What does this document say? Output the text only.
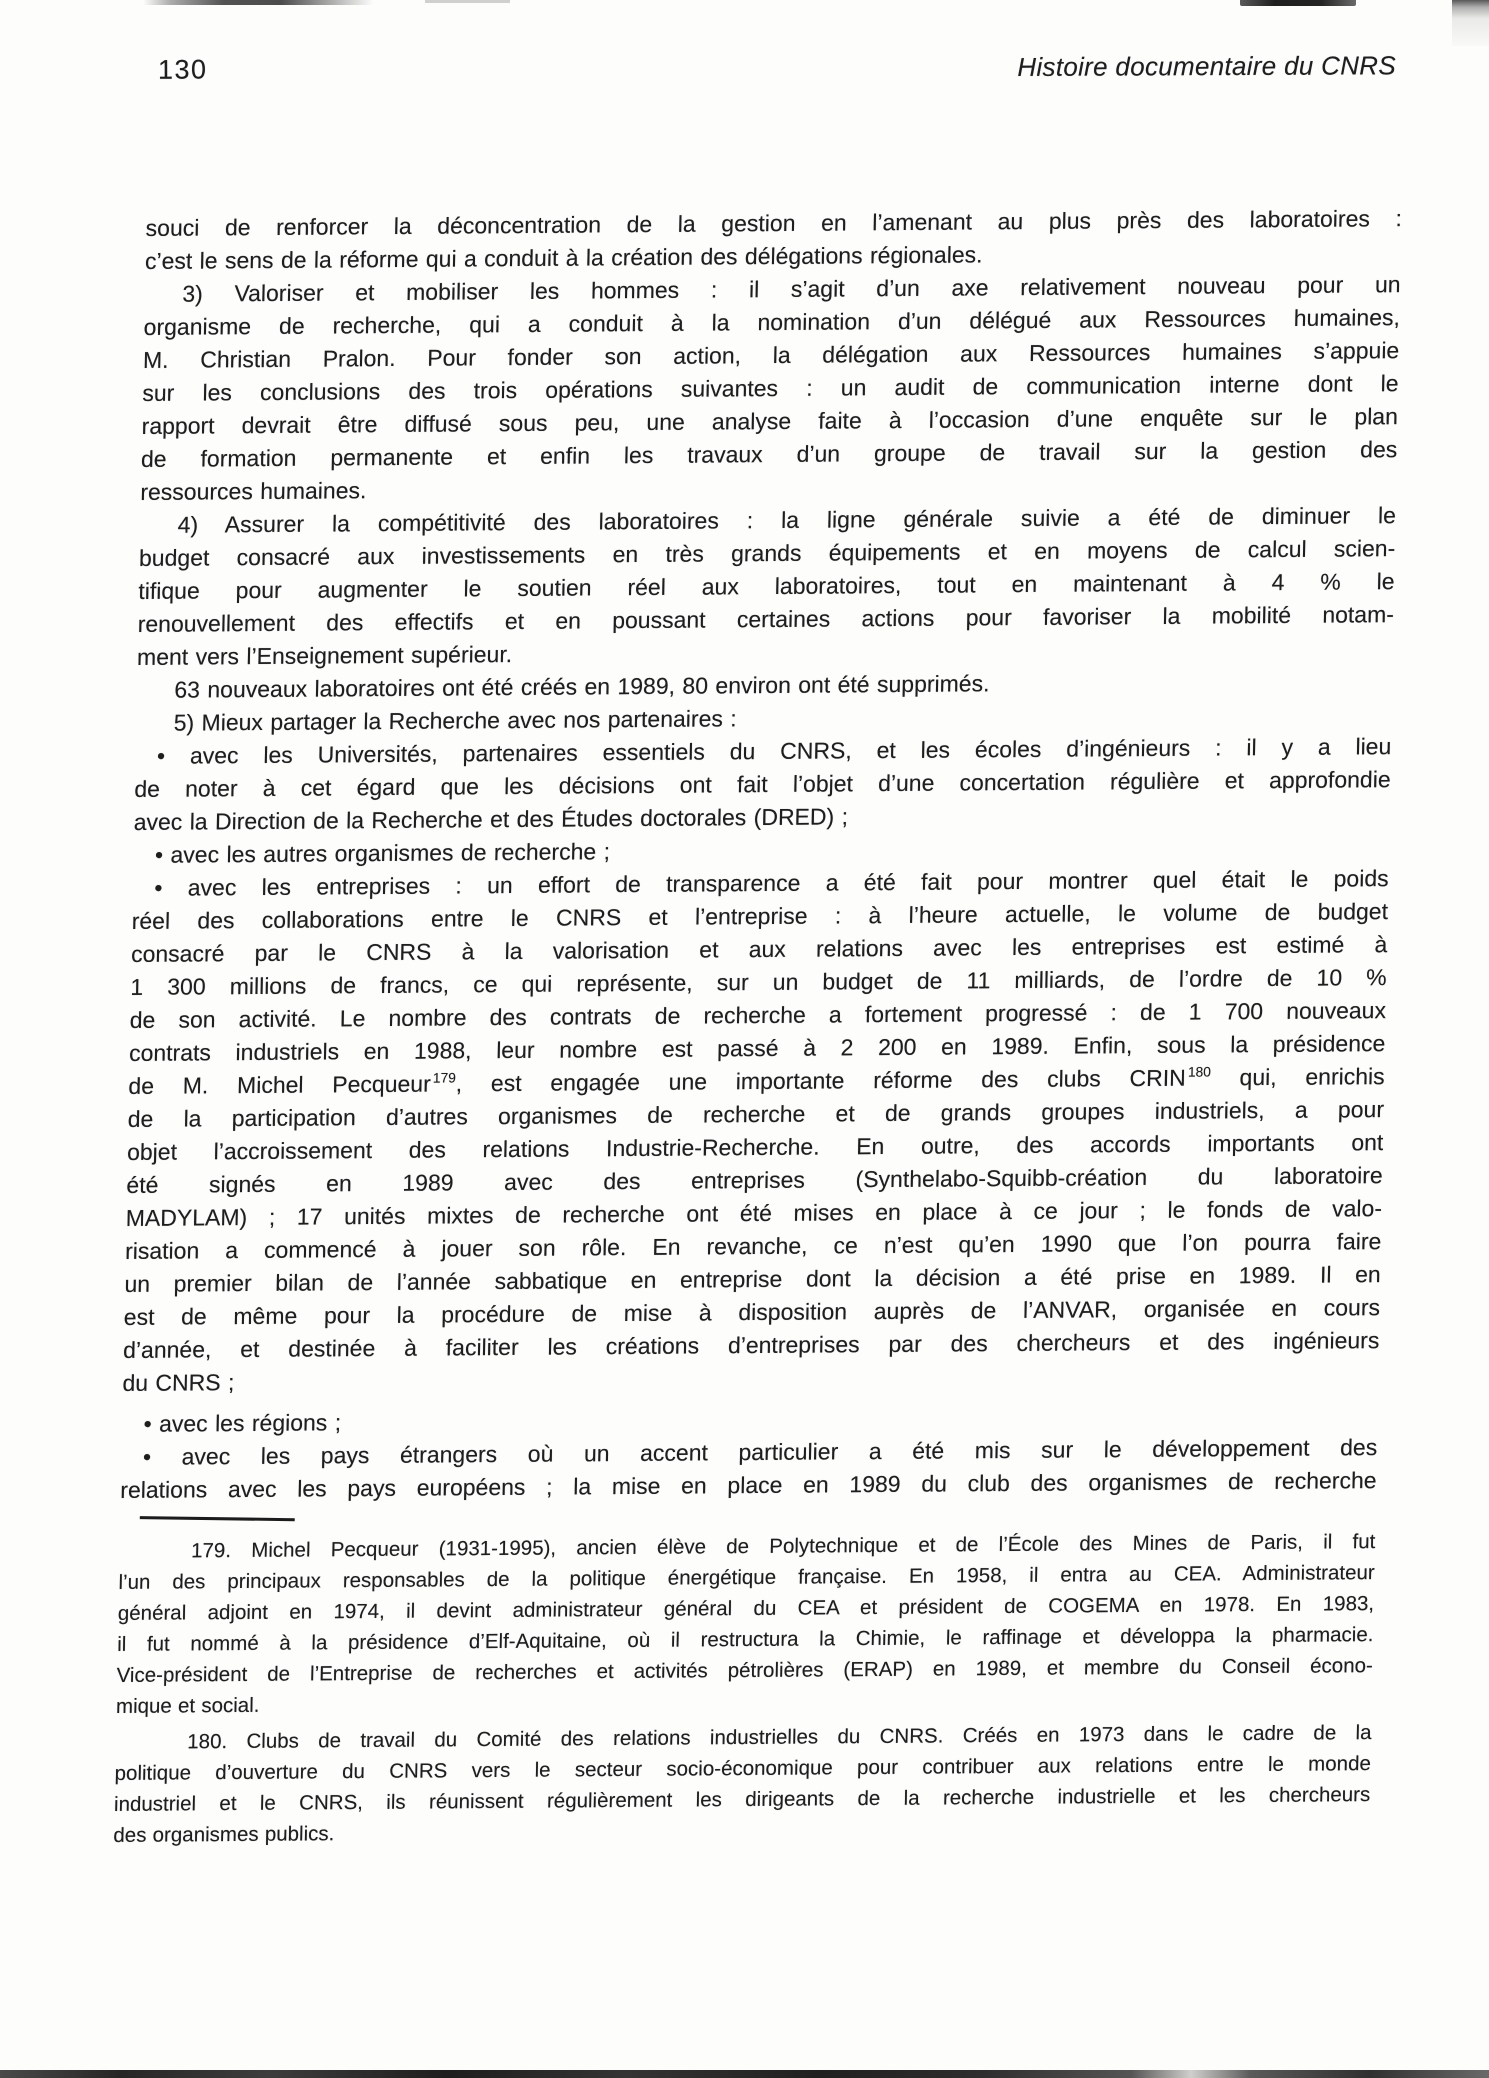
130	Histoire documentaire du CNRS
souci de renforcer la déconcentration de la gestion en l’amenant au plus près des laboratoires :
c’est le sens de la réforme qui a conduit à la création des délégations régionales.
3) Valoriser et mobiliser les hommes : il s’agit d’un axe relativement nouveau pour un
organisme de recherche, qui a conduit à la nomination d’un délégué aux Ressources humaines,
M. Christian Pralon. Pour fonder son action, la délégation aux Ressources humaines s’appuie
sur les conclusions des trois opérations suivantes : un audit de communication interne dont le
rapport devrait être diffusé sous peu, une analyse faite à l’occasion d’une enquête sur le plan
de formation permanente et enfin les travaux d’un groupe de travail sur la gestion des
ressources humaines.
4) Assurer la compétitivité des laboratoires : la ligne générale suivie a été de diminuer le
budget consacré aux investissements en très grands équipements et en moyens de calcul scien-
tifique pour augmenter le soutien réel aux laboratoires, tout en maintenant à 4 % le
renouvellement des effectifs et en poussant certaines actions pour favoriser la mobilité notam-
ment vers l’Enseignement supérieur.
63 nouveaux laboratoires ont été créés en 1989, 80 environ ont été supprimés.
5) Mieux partager la Recherche avec nos partenaires :
• avec les Universités, partenaires essentiels du CNRS, et les écoles d’ingénieurs : il y a lieu
de noter à cet égard que les décisions ont fait l’objet d’une concertation régulière et approfondie
avec la Direction de la Recherche et des Études doctorales (DRED) ;
• avec les autres organismes de recherche ;
• avec les entreprises : un effort de transparence a été fait pour montrer quel était le poids
réel des collaborations entre le CNRS et l’entreprise : à l’heure actuelle, le volume de budget
consacré par le CNRS à la valorisation et aux relations avec les entreprises est estimé à
1 300 millions de francs, ce qui représente, sur un budget de 11 milliards, de l’ordre de 10 %
de son activité. Le nombre des contrats de recherche a fortement progressé : de 1 700 nouveaux
contrats industriels en 1988, leur nombre est passé à 2 200 en 1989. Enfin, sous la présidence
de M. Michel Pecqueur $^{179}$, est engagée une importante réforme des clubs CRIN $^{180}$ qui, enrichis
de la participation d’autres organismes de recherche et de grands groupes industriels, a pour
objet l’accroissement des relations Industrie-Recherche. En outre, des accords importants ont
été signés en 1989 avec des entreprises (Synthelabo-Squibb-création du laboratoire
MADYLAM) ; 17 unités mixtes de recherche ont été mises en place à ce jour ; le fonds de valo-
risation a commencé à jouer son rôle. En revanche, ce n’est qu’en 1990 que l’on pourra faire
un premier bilan de l’année sabbatique en entreprise dont la décision a été prise en 1989. Il en
est de même pour la procédure de mise à disposition auprès de l’ANVAR, organisée en cours
d’année, et destinée à faciliter les créations d’entreprises par des chercheurs et des ingénieurs
du CNRS ;
• avec les régions ;
• avec les pays étrangers où un accent particulier a été mis sur le développement des
relations avec les pays européens ; la mise en place en 1989 du club des organismes de recherche
179. Michel Pecqueur (1931-1995), ancien élève de Polytechnique et de l’École des Mines de Paris, il fut
l’un des principaux responsables de la politique énergétique française. En 1958, il entra au CEA. Administrateur
général adjoint en 1974, il devint administrateur général du CEA et président de COGEMA en 1978. En 1983,
il fut nommé à la présidence d’Elf-Aquitaine, où il restructura la Chimie, le raffinage et développa la pharmacie.
Vice-président de l’Entreprise de recherches et activités pétrolières (ERAP) en 1989, et membre du Conseil écono-
mique et social.
180. Clubs de travail du Comité des relations industrielles du CNRS. Créés en 1973 dans le cadre de la
politique d’ouverture du CNRS vers le secteur socio-économique pour contribuer aux relations entre le monde
industriel et le CNRS, ils réunissent régulièrement les dirigeants de la recherche industrielle et les chercheurs
des organismes publics.
